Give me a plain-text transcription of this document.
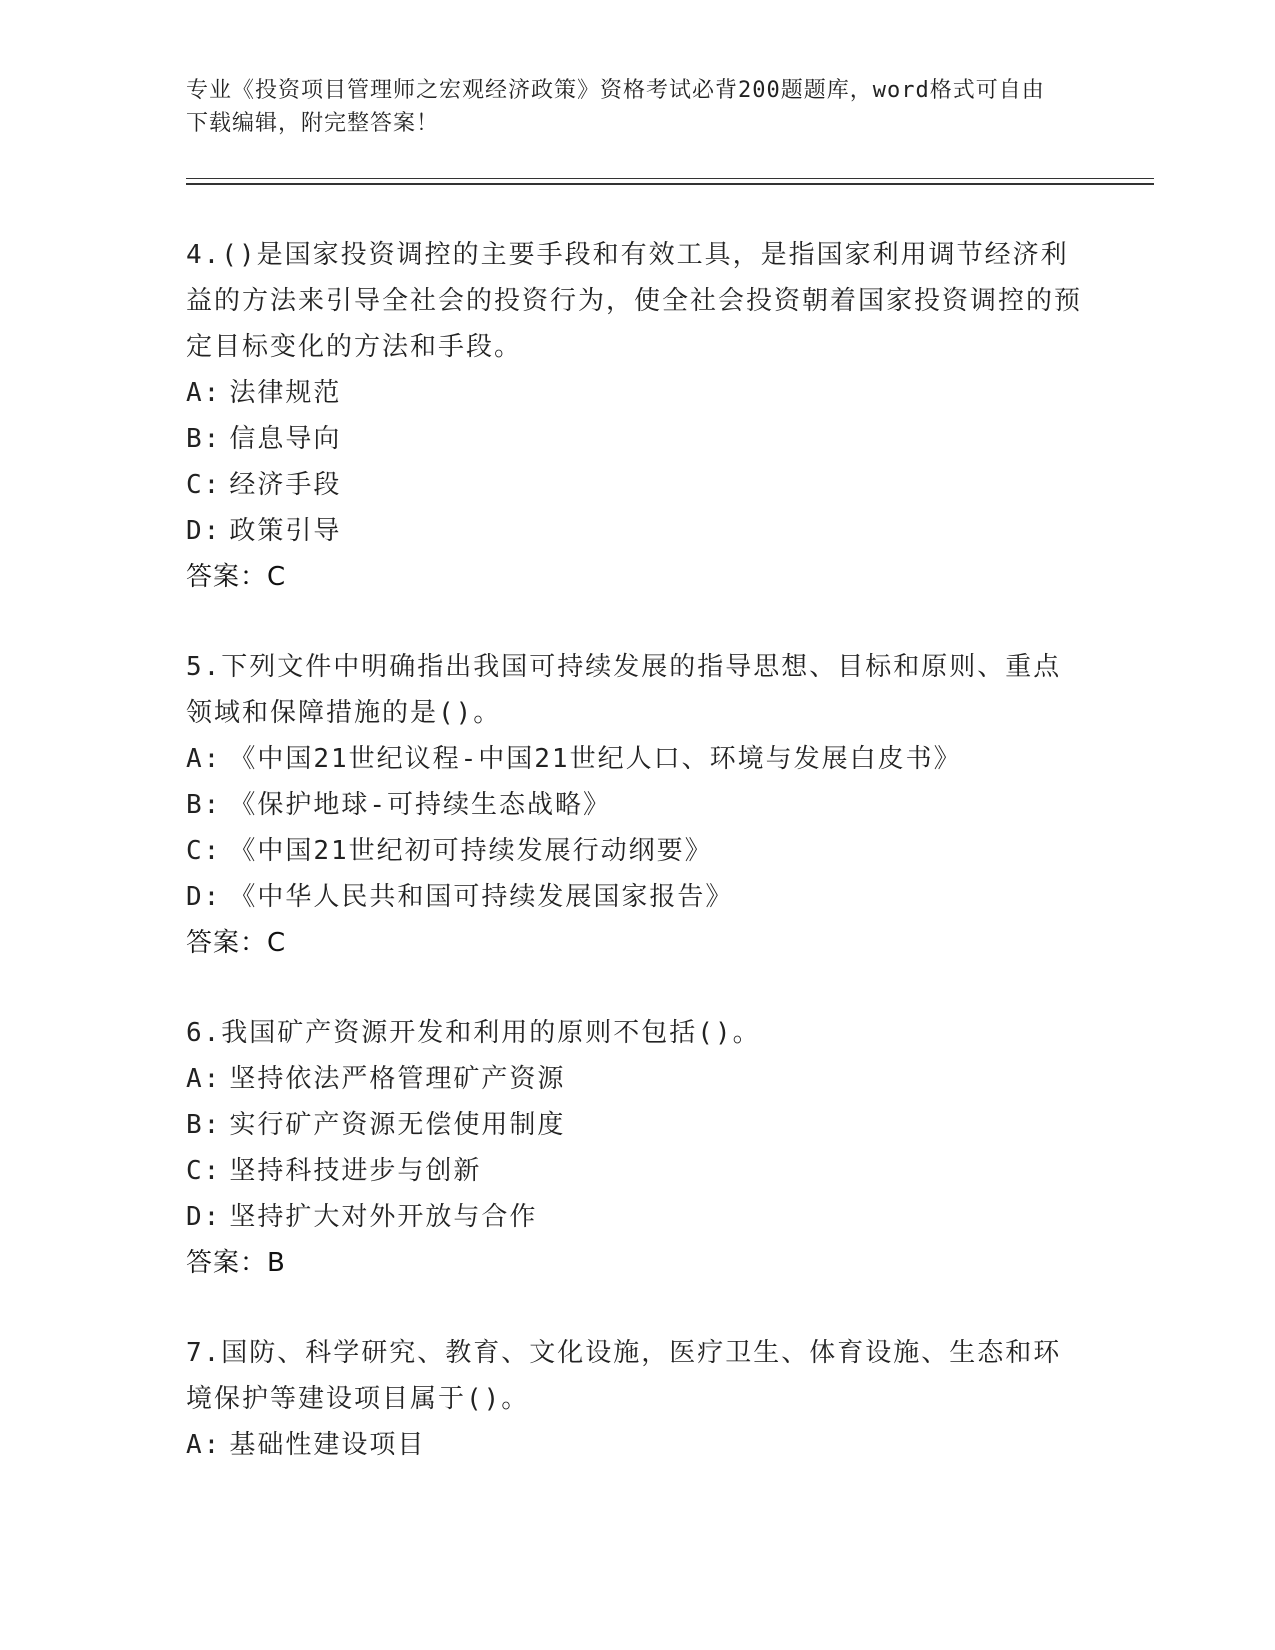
专业《投资项目管理师之宏观经济政策》资格考试必背200题题库，word格式可自由下载编辑，附完整答案！
4.()是国家投资调控的主要手段和有效工具，是指国家利用调节经济利益的方法来引导全社会的投资行为，使全社会投资朝着国家投资调控的预定目标变化的方法和手段。
A: 法律规范
B: 信息导向
C: 经济手段
D: 政策引导
答案：C
5.下列文件中明确指出我国可持续发展的指导思想、目标和原则、重点领域和保障措施的是()。
A: 《中国21世纪议程-中国21世纪人口、环境与发展白皮书》
B: 《保护地球-可持续生态战略》
C: 《中国21世纪初可持续发展行动纲要》
D: 《中华人民共和国可持续发展国家报告》
答案：C
6.我国矿产资源开发和利用的原则不包括()。
A: 坚持依法严格管理矿产资源
B: 实行矿产资源无偿使用制度
C: 坚持科技进步与创新
D: 坚持扩大对外开放与合作
答案：B
7.国防、科学研究、教育、文化设施，医疗卫生、体育设施、生态和环境保护等建设项目属于()。
A: 基础性建设项目
